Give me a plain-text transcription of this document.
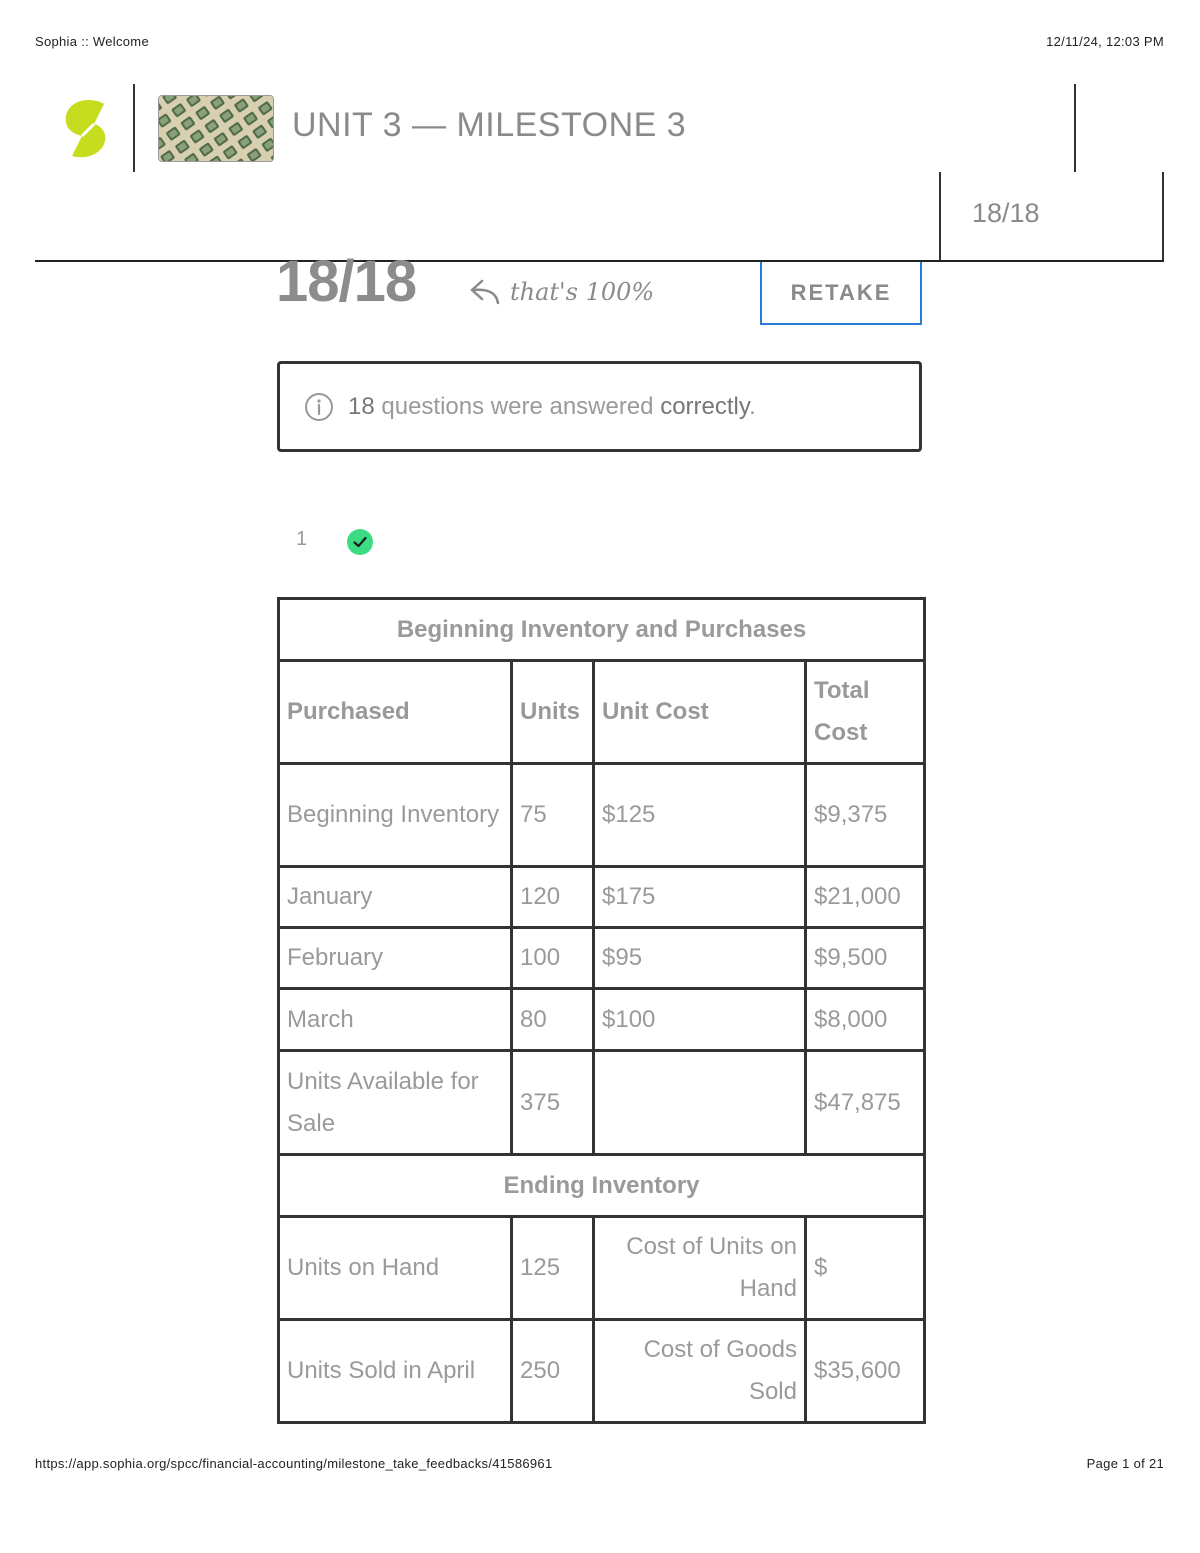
Sophia :: Welcome	12/11/24, 12:03 PM
UNIT 3 — MILESTONE 3
18/18
18/18	that's 100%	RETAKE
18 questions were answered correctly.
1
Beginning Inventory and Purchases			
Purchased	Units	Unit Cost	Total Cost
Beginning Inventory	75	$125	$9,375
January	120	$175	$21,000
February	100	$95	$9,500
March	80	$100	$8,000
Units Available for Sale	375		$47,875
Ending Inventory			
Units on Hand	125	Cost of Units on Hand	$
Units Sold in April	250	Cost of Goods Sold	$35,600
https://app.sophia.org/spcc/financial-accounting/milestone_take_feedbacks/41586961	Page 1 of 21
